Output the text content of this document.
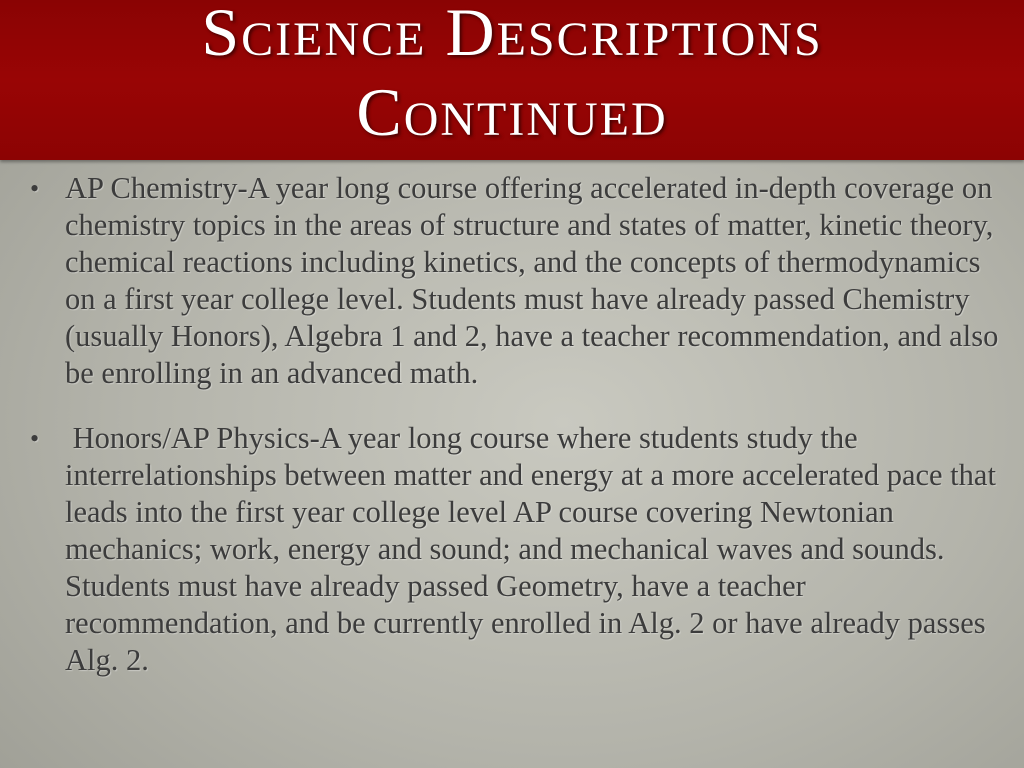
Science Descriptions
Continued
• AP Chemistry-A year long course offering accelerated in-depth coverage on chemistry topics in the areas of structure and states of matter, kinetic theory, chemical reactions including kinetics, and the concepts of thermodynamics on a first year college level. Students must have already passed Chemistry (usually Honors), Algebra 1 and 2, have a teacher recommendation, and also be enrolling in an advanced math.
• Honors/AP Physics-A year long course where students study the interrelationships between matter and energy at a more accelerated pace that leads into the first year college level AP course covering Newtonian mechanics; work, energy and sound; and mechanical waves and sounds.  Students must have already passed Geometry, have a teacher recommendation, and be currently enrolled in Alg. 2 or have already passes Alg. 2.
